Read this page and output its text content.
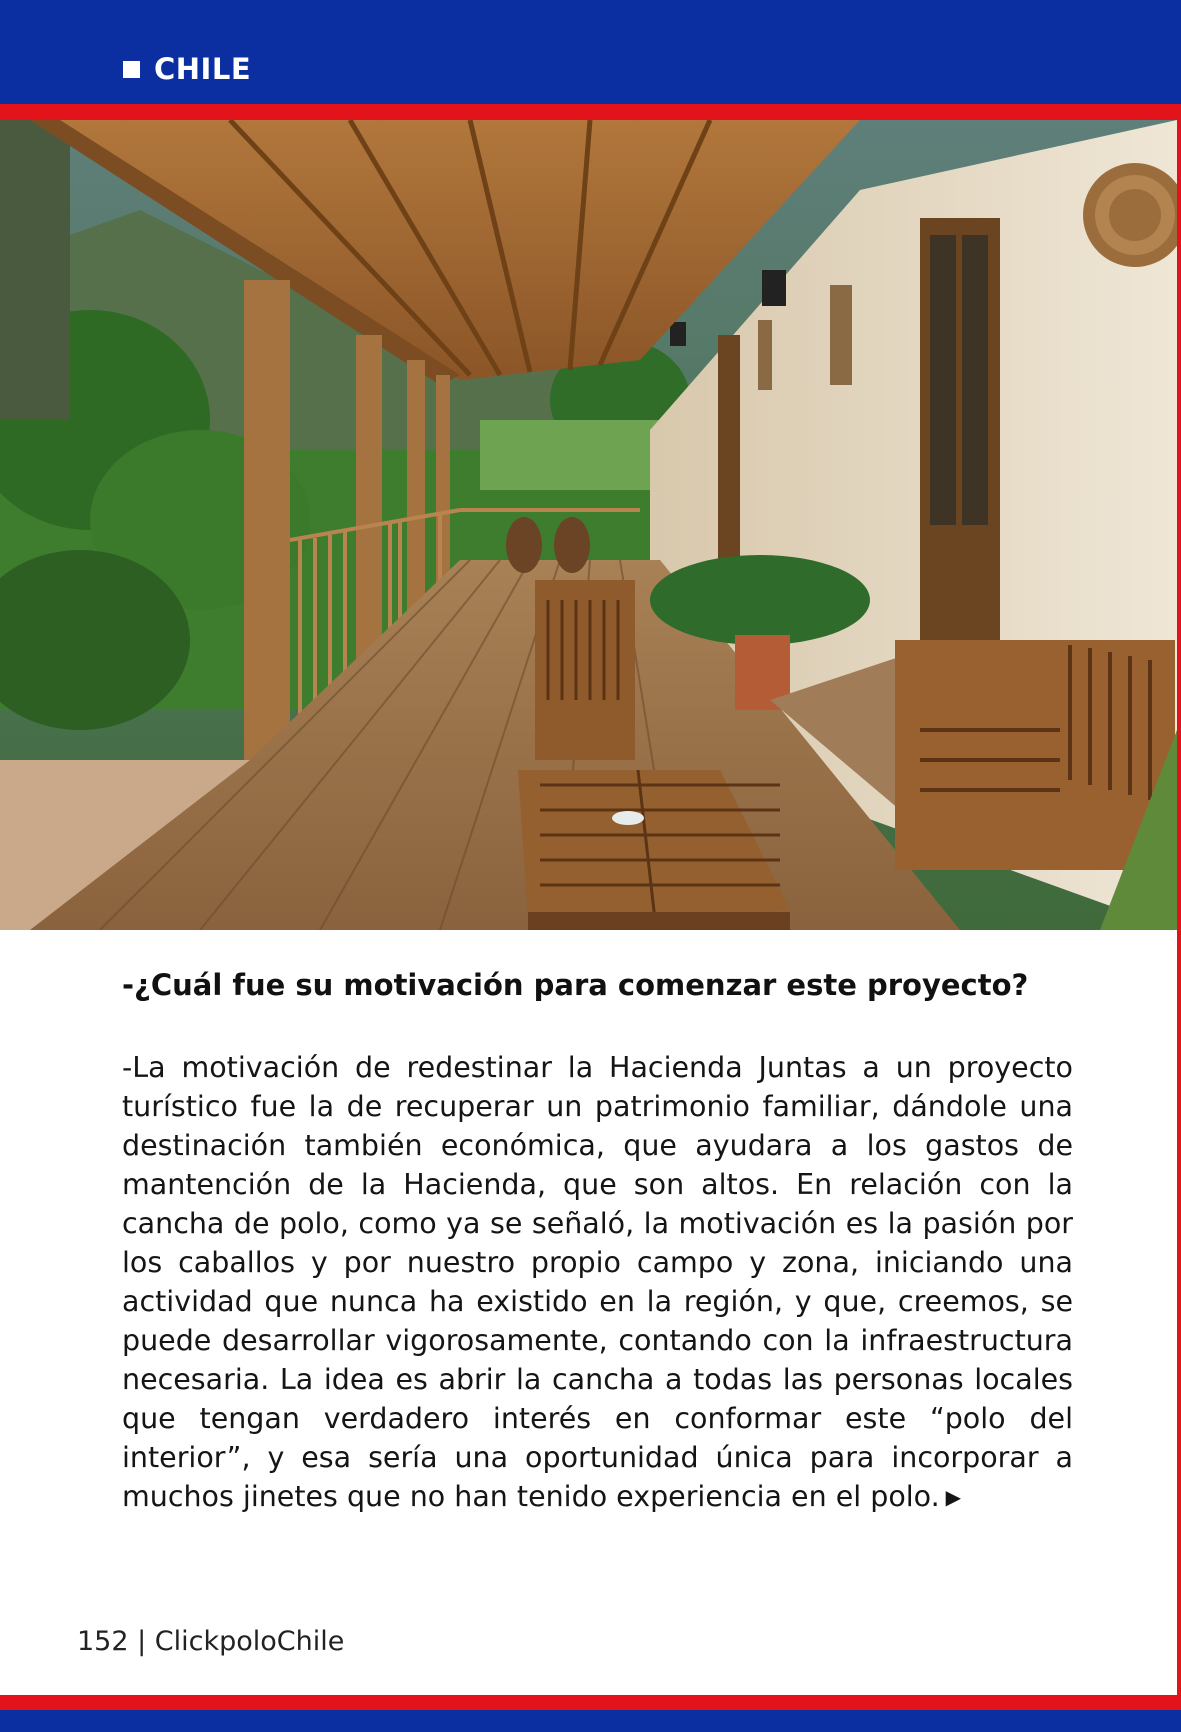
CHILE
-¿Cuál fue su motivación para comenzar este proyecto?

-La motivación de redestinar la Hacienda Juntas a un proyecto turístico fue la de recuperar un patrimonio familiar, dándole una destinación también económica, que ayudara a los gastos de mantención de la Hacienda, que son altos. En relación con la cancha de polo, como ya se señaló, la motivación es la pasión por los caballos y por nuestro propio campo y zona, iniciando una actividad que nunca ha existido en la región, y que, creemos, se puede desarrollar vigorosamente, contando con la infraestructura necesaria. La idea es abrir la cancha a todas las personas locales que tengan verdadero interés en conformar este “polo del interior”, y esa sería una oportunidad única para incorporar a muchos jinetes que no han tenido experiencia en el polo. ▶

152 | ClickpoloChile
